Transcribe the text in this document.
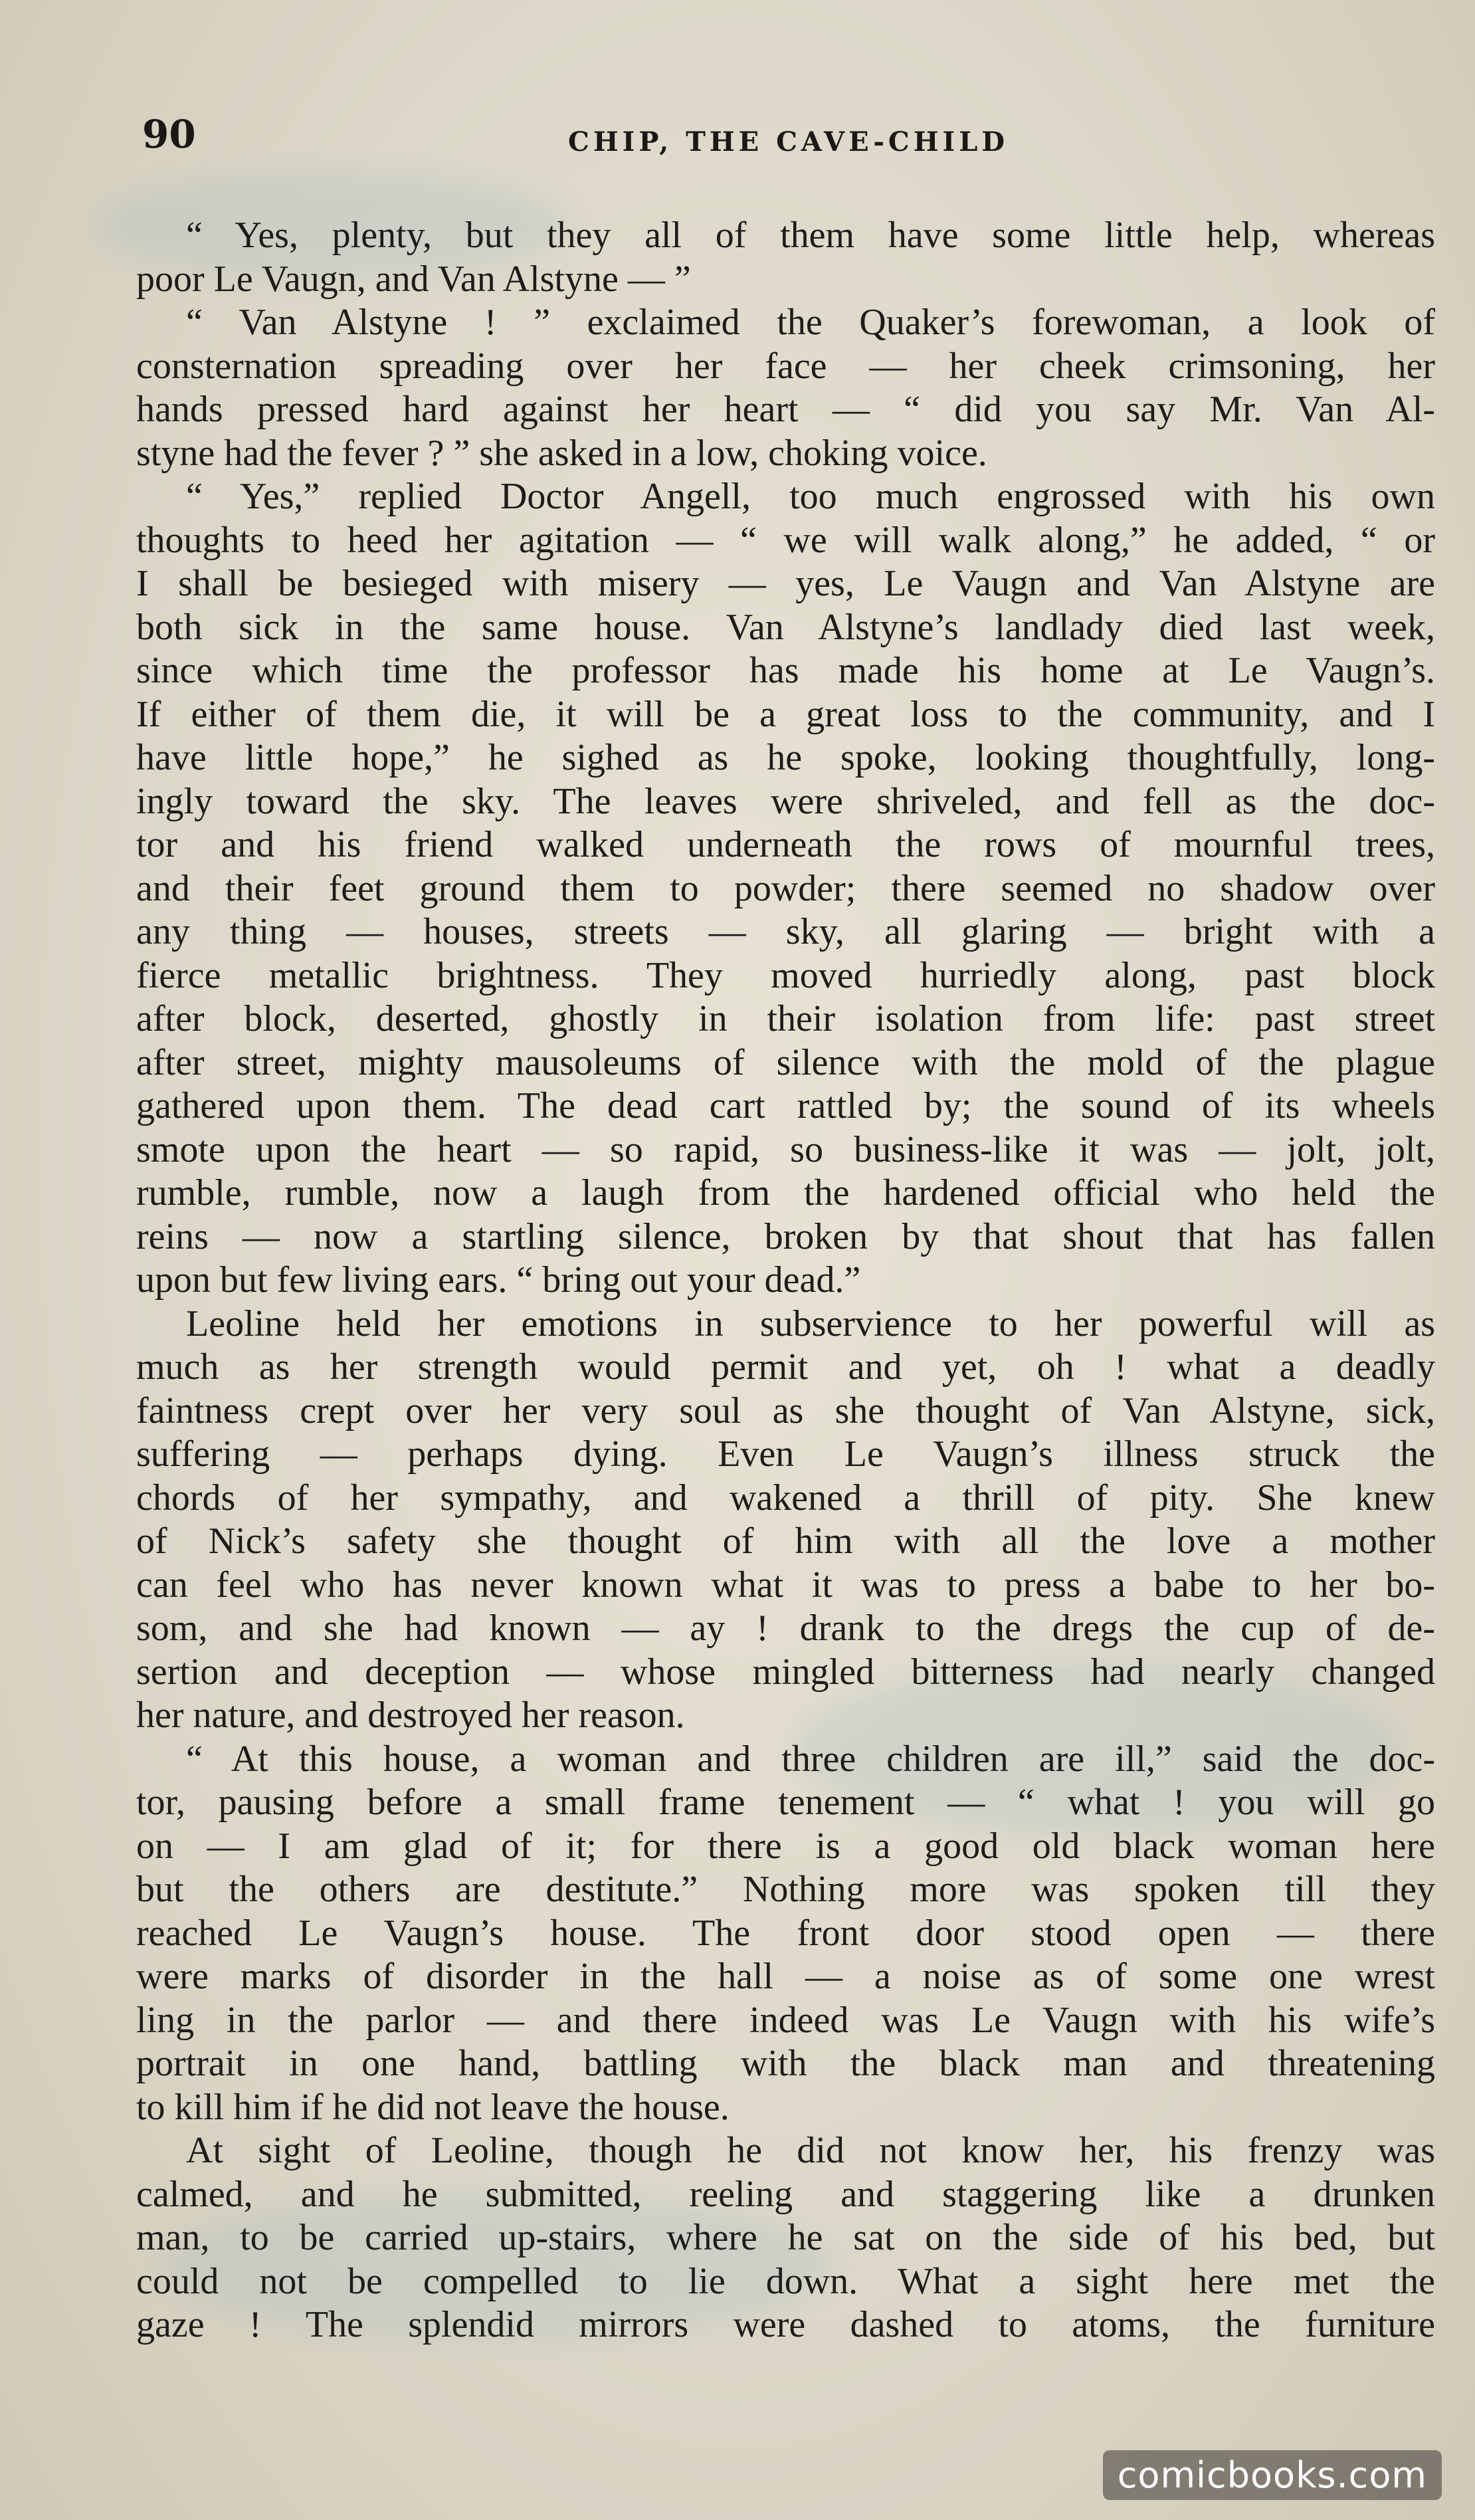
90	CHIP, THE CAVE-CHILD
“ Yes, plenty, but they all of them have some little help, whereas
poor Le Vaugn, and Van Alstyne — ”
“ Van Alstyne ! ” exclaimed the Quaker’s forewoman, a look of
consternation spreading over her face — her cheek crimsoning, her
hands pressed hard against her heart — “ did you say Mr. Van Al-
styne had the fever ? ” she asked in a low, choking voice.
“ Yes,” replied Doctor Angell, too much engrossed with his own
thoughts to heed her agitation — “ we will walk along,” he added, “ or
I shall be besieged with misery — yes, Le Vaugn and Van Alstyne are
both sick in the same house. Van Alstyne’s landlady died last week,
since which time the professor has made his home at Le Vaugn’s.
If either of them die, it will be a great loss to the community, and I
have little hope,” he sighed as he spoke, looking thoughtfully, long-
ingly toward the sky. The leaves were shriveled, and fell as the doc-
tor and his friend walked underneath the rows of mournful trees,
and their feet ground them to powder; there seemed no shadow over
any thing — houses, streets — sky, all glaring — bright with a
fierce metallic brightness. They moved hurriedly along, past block
after block, deserted, ghostly in their isolation from life: past street
after street, mighty mausoleums of silence with the mold of the plague
gathered upon them. The dead cart rattled by; the sound of its wheels
smote upon the heart — so rapid, so business-like it was — jolt, jolt,
rumble, rumble, now a laugh from the hardened official who held the
reins — now a startling silence, broken by that shout that has fallen
upon but few living ears. “ bring out your dead.”
Leoline held her emotions in subservience to her powerful will as
much as her strength would permit and yet, oh ! what a deadly
faintness crept over her very soul as she thought of Van Alstyne, sick,
suffering — perhaps dying. Even Le Vaugn’s illness struck the
chords of her sympathy, and wakened a thrill of pity. She knew
of Nick’s safety she thought of him with all the love a mother
can feel who has never known what it was to press a babe to her bo-
som, and she had known — ay ! drank to the dregs the cup of de-
sertion and deception — whose mingled bitterness had nearly changed
her nature, and destroyed her reason.
“ At this house, a woman and three children are ill,” said the doc-
tor, pausing before a small frame tenement — “ what ! you will go
on — I am glad of it; for there is a good old black woman here
but the others are destitute.” Nothing more was spoken till they
reached Le Vaugn’s house. The front door stood open — there
were marks of disorder in the hall — a noise as of some one wrest
ling in the parlor — and there indeed was Le Vaugn with his wife’s
portrait in one hand, battling with the black man and threatening
to kill him if he did not leave the house.
At sight of Leoline, though he did not know her, his frenzy was
calmed, and he submitted, reeling and staggering like a drunken
man, to be carried up-stairs, where he sat on the side of his bed, but
could not be compelled to lie down. What a sight here met the
gaze ! The splendid mirrors were dashed to atoms, the furniture
comicbooks.com
